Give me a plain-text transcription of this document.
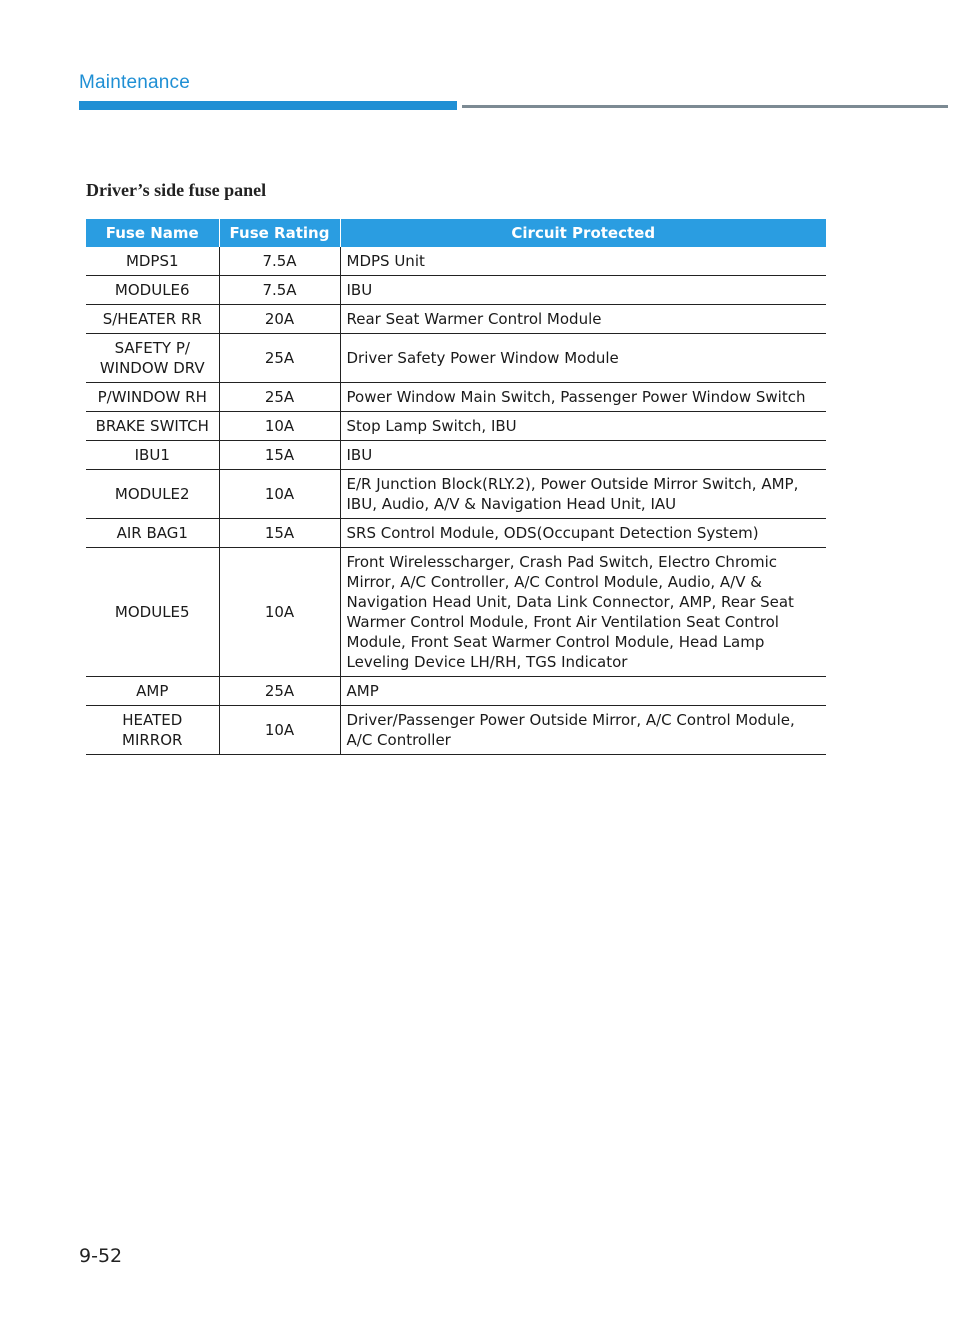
Maintenance
Driver’s side fuse panel
Fuse Name	Fuse Rating	Circuit Protected
MDPS1	7.5A	MDPS Unit
MODULE6	7.5A	IBU
S/HEATER RR	20A	Rear Seat Warmer Control Module
SAFETY P/ WINDOW DRV	25A	Driver Safety Power Window Module
P/WINDOW RH	25A	Power Window Main Switch, Passenger Power Window Switch
BRAKE SWITCH	10A	Stop Lamp Switch, IBU
IBU1	15A	IBU
MODULE2	10A	E/R Junction Block(RLY.2), Power Outside Mirror Switch, AMP, IBU, Audio, A/V & Navigation Head Unit, IAU
AIR BAG1	15A	SRS Control Module, ODS(Occupant Detection System)
MODULE5	10A	Front Wirelesscharger, Crash Pad Switch, Electro Chromic Mirror, A/C Controller, A/C Control Module, Audio, A/V & Navigation Head Unit, Data Link Connector, AMP, Rear Seat Warmer Control Module, Front Air Ventilation Seat Control Module, Front Seat Warmer Control Module, Head Lamp Leveling Device LH/RH, TGS Indicator
AMP	25A	AMP
HEATED MIRROR	10A	Driver/Passenger Power Outside Mirror, A/C Control Module, A/C Controller
9-52
